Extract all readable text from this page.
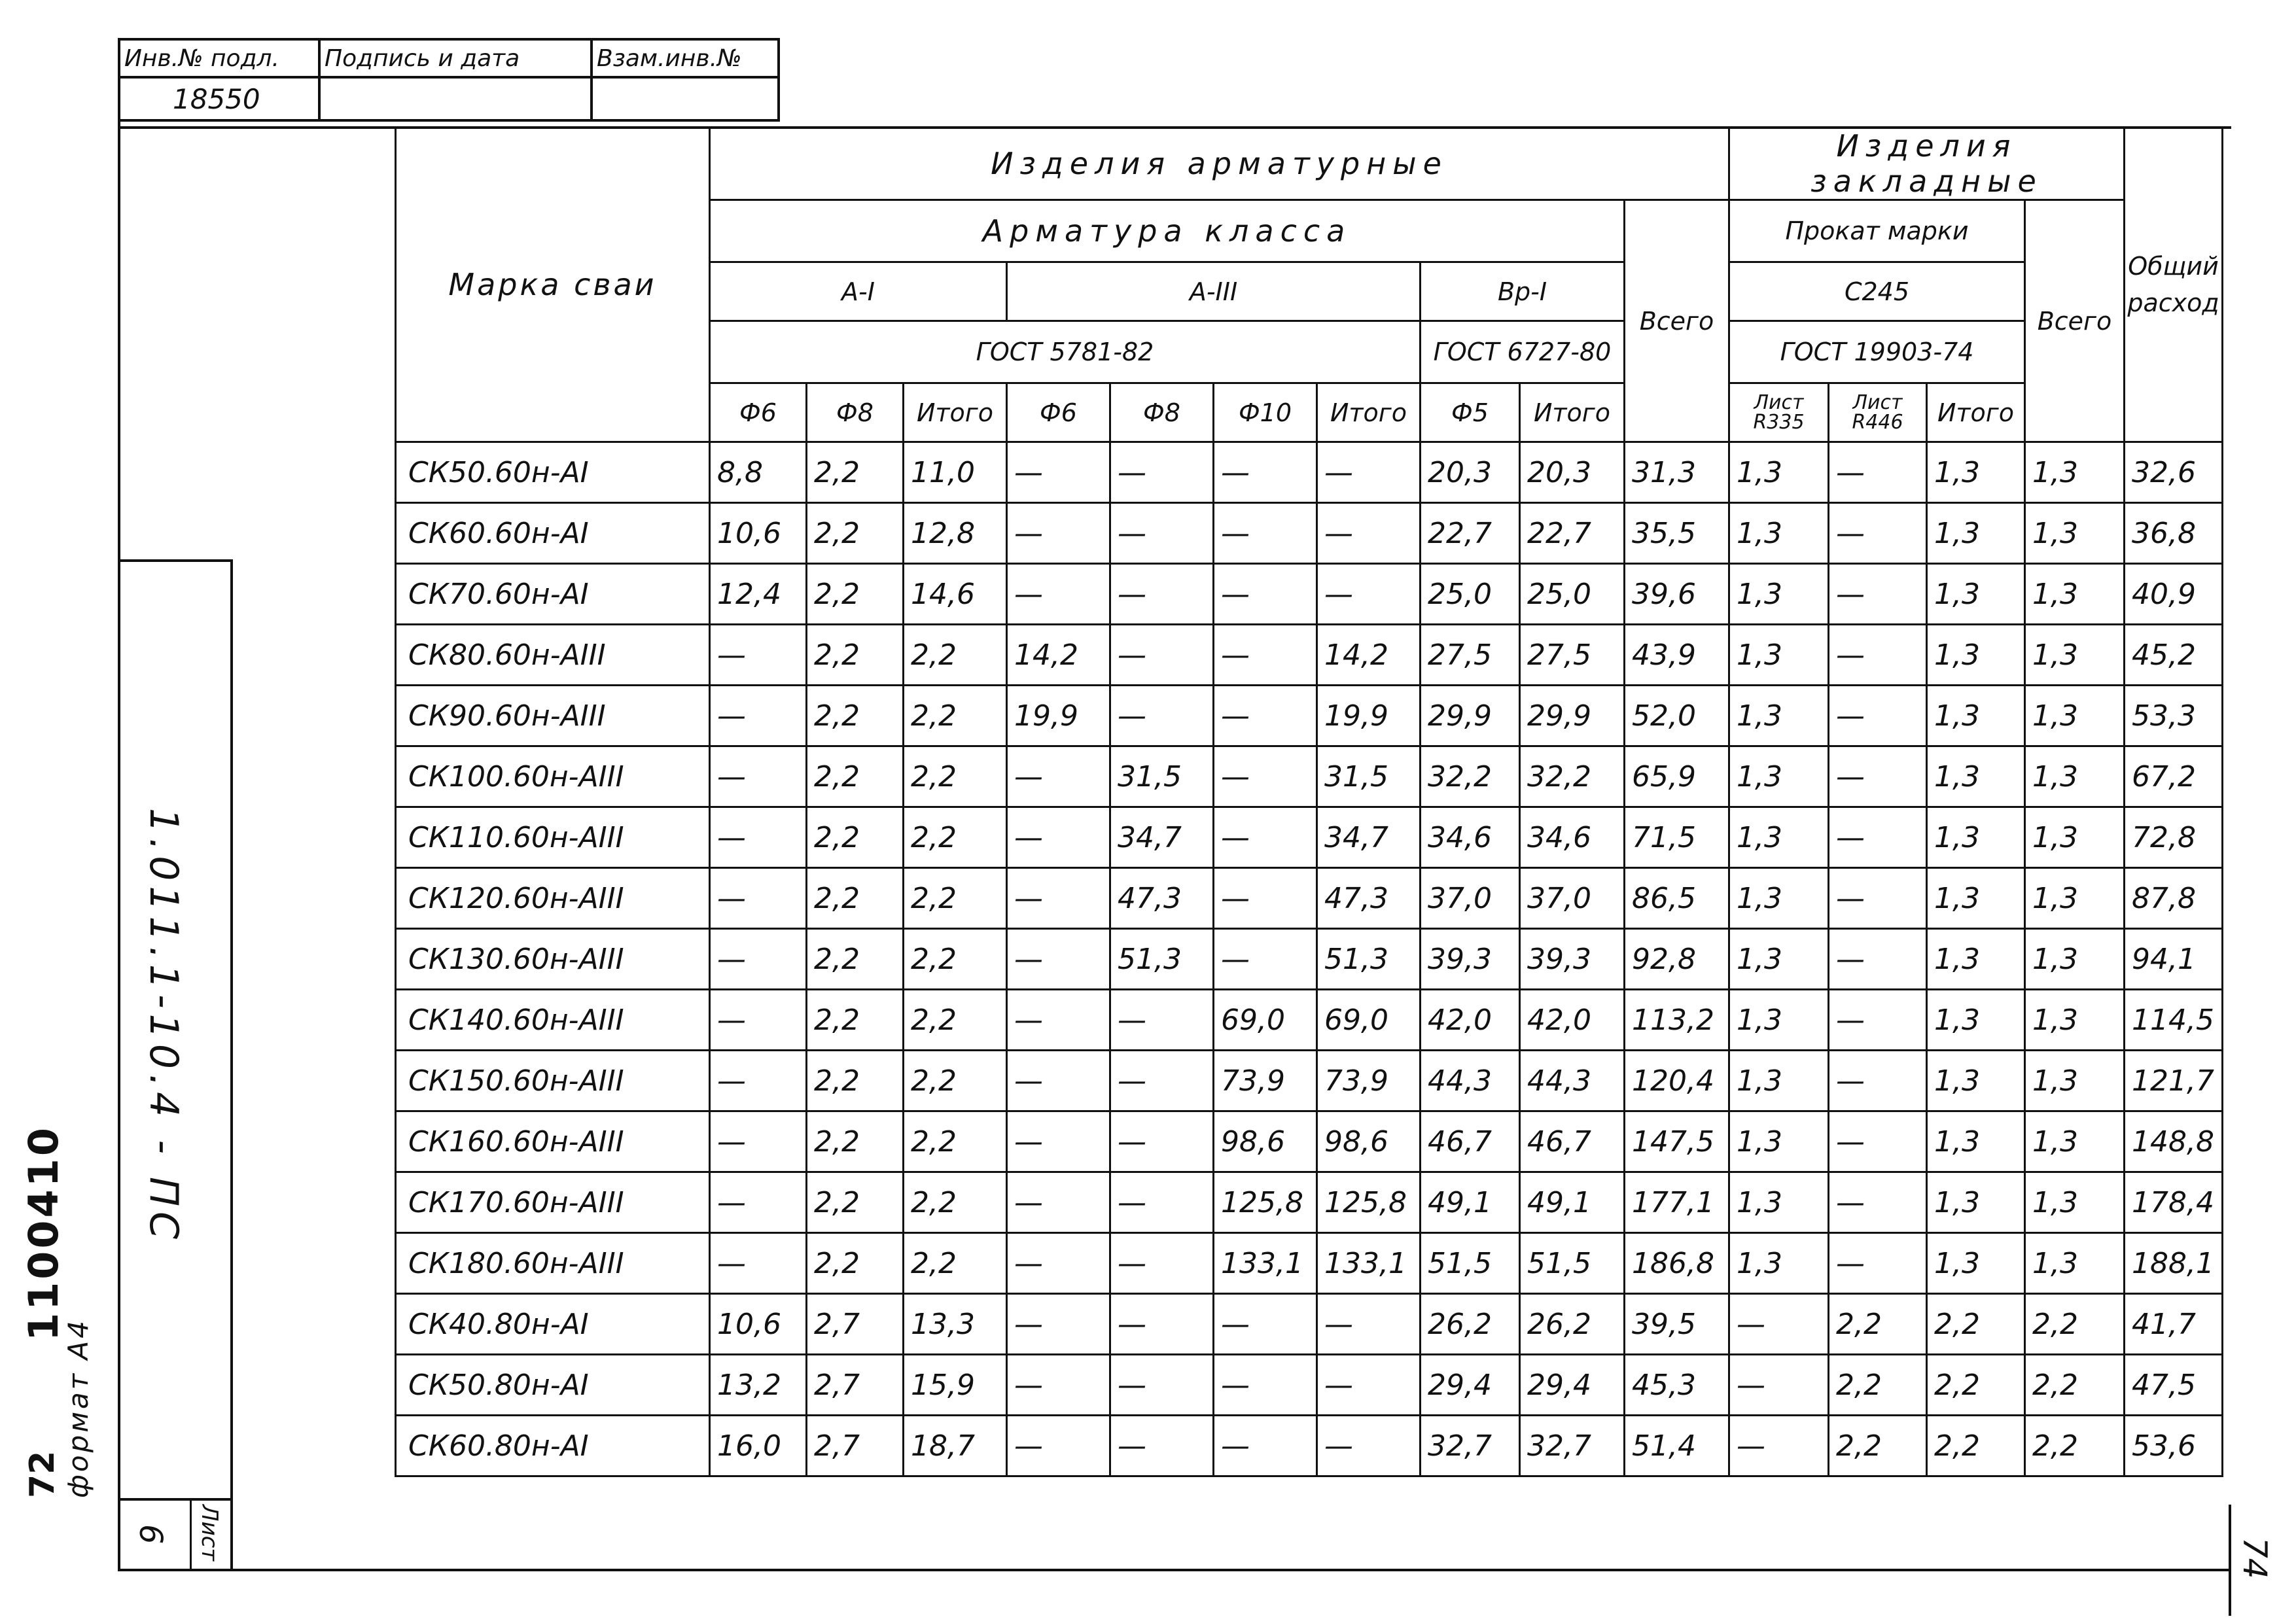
Инв.№ подл.	Подпись и дата	Взам.инв.№
18550		
1.011.1-10.4 - ПС
1100410
формат А4
72
Лист
6
74
Марка сваи	Изделия арматурные										Изделия закладные				Общий расход
	Арматура класса									Всего	Прокат марки			Всего	
	А-I			А-III				Вр-I			С245				
	ГОСТ 5781-82							ГОСТ 6727-80			ГОСТ 19903-74				
	Ф6	Ф8	Итого	Ф6	Ф8	Ф10	Итого	Ф5	Итого		Лист R335	Лист R446	Итого		
СК50.60н-АI	8,8	2,2	11,0	—	—	—	—	20,3	20,3	31,3	1,3	—	1,3	1,3	32,6
СК60.60н-АI	10,6	2,2	12,8	—	—	—	—	22,7	22,7	35,5	1,3	—	1,3	1,3	36,8
СК70.60н-АI	12,4	2,2	14,6	—	—	—	—	25,0	25,0	39,6	1,3	—	1,3	1,3	40,9
СК80.60н-АIII	—	2,2	2,2	14,2	—	—	14,2	27,5	27,5	43,9	1,3	—	1,3	1,3	45,2
СК90.60н-АIII	—	2,2	2,2	19,9	—	—	19,9	29,9	29,9	52,0	1,3	—	1,3	1,3	53,3
СК100.60н-АIII	—	2,2	2,2	—	31,5	—	31,5	32,2	32,2	65,9	1,3	—	1,3	1,3	67,2
СК110.60н-АIII	—	2,2	2,2	—	34,7	—	34,7	34,6	34,6	71,5	1,3	—	1,3	1,3	72,8
СК120.60н-АIII	—	2,2	2,2	—	47,3	—	47,3	37,0	37,0	86,5	1,3	—	1,3	1,3	87,8
СК130.60н-АIII	—	2,2	2,2	—	51,3	—	51,3	39,3	39,3	92,8	1,3	—	1,3	1,3	94,1
СК140.60н-АIII	—	2,2	2,2	—	—	69,0	69,0	42,0	42,0	113,2	1,3	—	1,3	1,3	114,5
СК150.60н-АIII	—	2,2	2,2	—	—	73,9	73,9	44,3	44,3	120,4	1,3	—	1,3	1,3	121,7
СК160.60н-АIII	—	2,2	2,2	—	—	98,6	98,6	46,7	46,7	147,5	1,3	—	1,3	1,3	148,8
СК170.60н-АIII	—	2,2	2,2	—	—	125,8	125,8	49,1	49,1	177,1	1,3	—	1,3	1,3	178,4
СК180.60н-АIII	—	2,2	2,2	—	—	133,1	133,1	51,5	51,5	186,8	1,3	—	1,3	1,3	188,1
СК40.80н-АI	10,6	2,7	13,3	—	—	—	—	26,2	26,2	39,5	—	2,2	2,2	2,2	41,7
СК50.80н-АI	13,2	2,7	15,9	—	—	—	—	29,4	29,4	45,3	—	2,2	2,2	2,2	47,5
СК60.80н-АI	16,0	2,7	18,7	—	—	—	—	32,7	32,7	51,4	—	2,2	2,2	2,2	53,6
